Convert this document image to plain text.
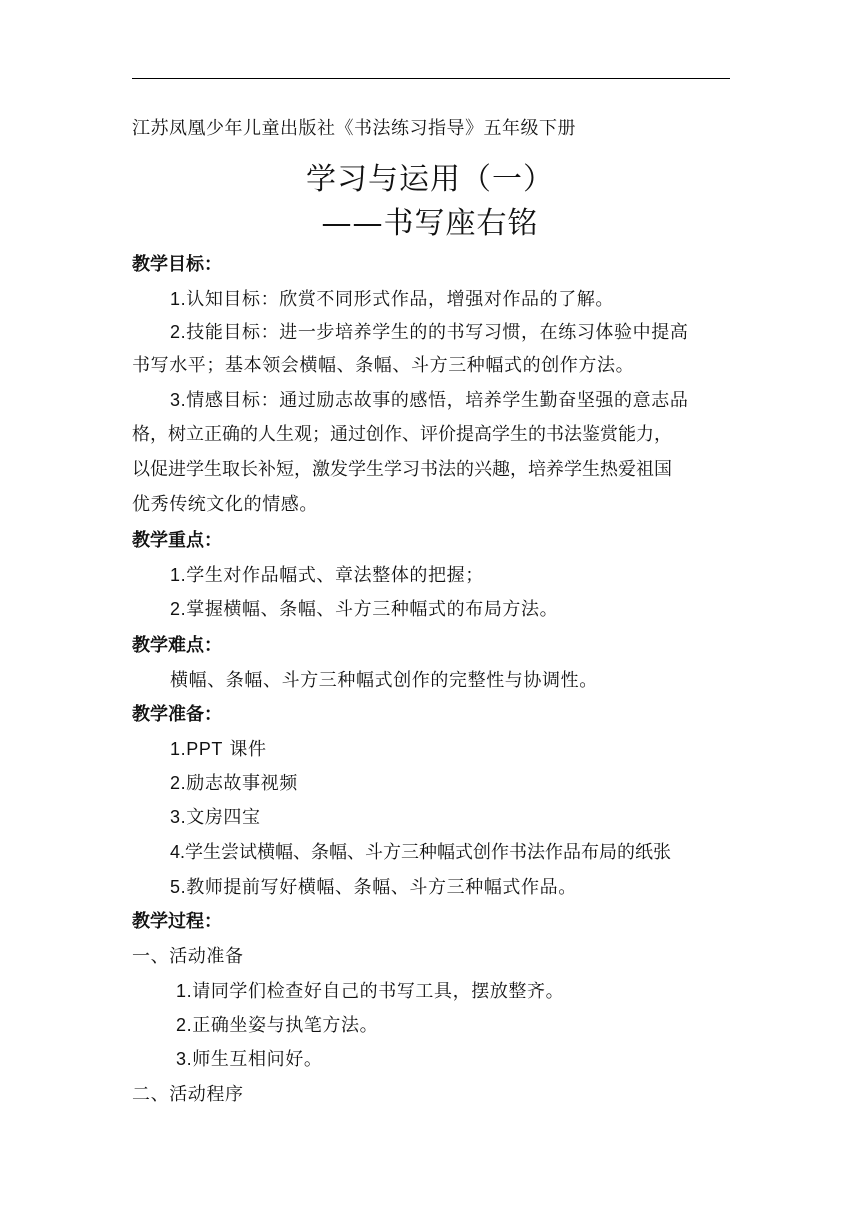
江苏凤凰少年儿童出版社《书法练习指导》五年级下册
学习与运用（一）
——书写座右铭
教学目标：
1.认知目标：欣赏不同形式作品，增强对作品的了解。
2.技能目标：进一步培养学生的的书写习惯，在练习体验中提高
书写水平；基本领会横幅、条幅、斗方三种幅式的创作方法。
3.情感目标：通过励志故事的感悟，培养学生勤奋坚强的意志品
格，树立正确的人生观；通过创作、评价提高学生的书法鉴赏能力，
以促进学生取长补短，激发学生学习书法的兴趣，培养学生热爱祖国
优秀传统文化的情感。
教学重点：
1.学生对作品幅式、章法整体的把握；
2.掌握横幅、条幅、斗方三种幅式的布局方法。
教学难点：
横幅、条幅、斗方三种幅式创作的完整性与协调性。
教学准备：
1.PPT 课件
2.励志故事视频
3.文房四宝
4.学生尝试横幅、条幅、斗方三种幅式创作书法作品布局的纸张
5.教师提前写好横幅、条幅、斗方三种幅式作品。
教学过程：
一、活动准备
1.请同学们检查好自己的书写工具，摆放整齐。
2.正确坐姿与执笔方法。
3.师生互相问好。
二、活动程序
